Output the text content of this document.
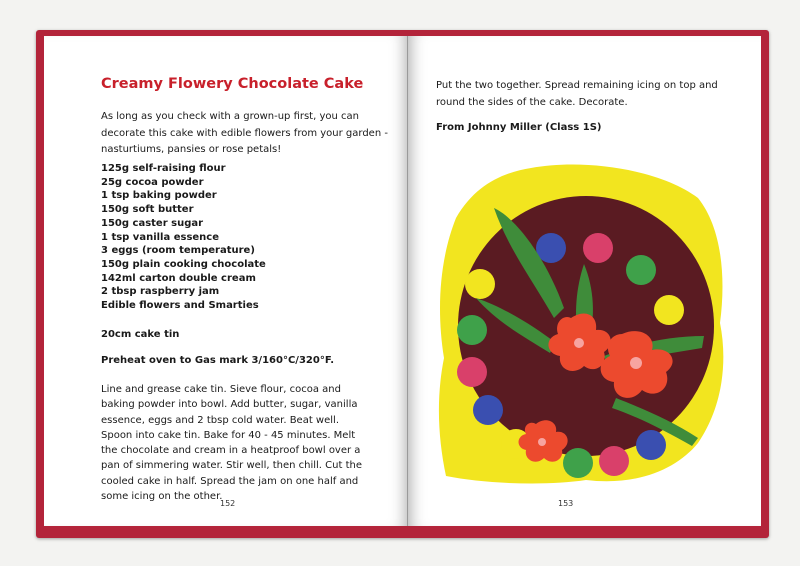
Creamy Flowery Chocolate Cake

As long as you check with a grown-up first, you can decorate this cake with edible flowers from your garden - nasturtiums, pansies or rose petals!

125g self-raising flour
25g cocoa powder
1 tsp baking powder
150g soft butter
150g caster sugar
1 tsp vanilla essence
3 eggs (room temperature)
150g plain cooking chocolate
142ml carton double cream
2 tbsp raspberry jam
Edible flowers and Smarties

20cm cake tin

Preheat oven to Gas mark 3/160°C/320°F.

Line and grease cake tin. Sieve flour, cocoa and baking powder into bowl. Add butter, sugar, vanilla essence, eggs and 2 tbsp cold water. Beat well. Spoon into cake tin. Bake for 40 - 45 minutes. Melt the chocolate and cream in a heatproof bowl over a pan of simmering water. Stir well, then chill. Cut the cooled cake in half. Spread the jam on one half and some icing on the other.

152

Put the two together. Spread remaining icing on top and round the sides of the cake. Decorate.

From Johnny Miller (Class 1S)

153
